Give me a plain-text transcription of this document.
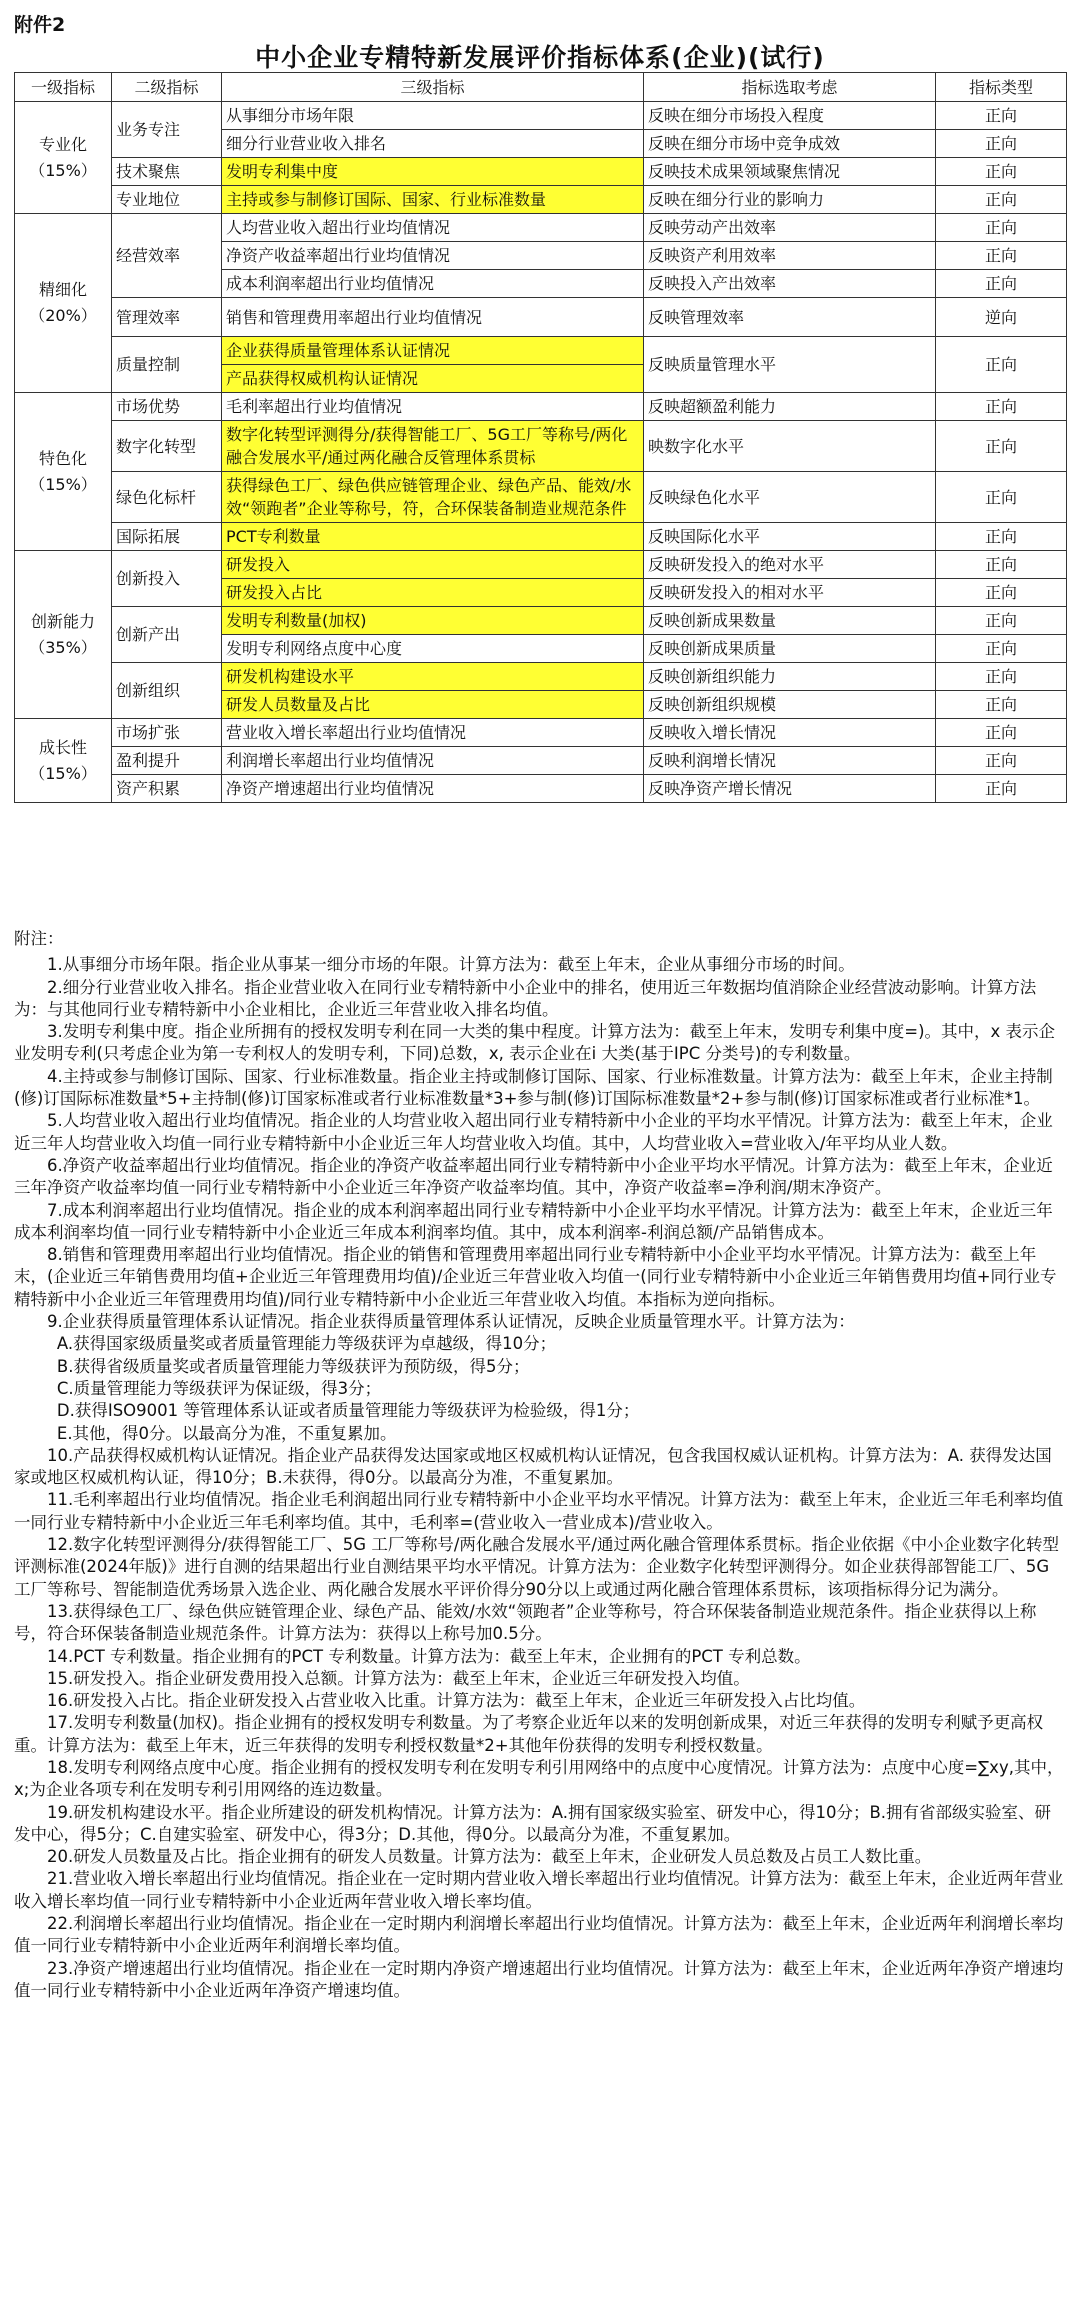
附件2
中小企业专精特新发展评价指标体系(企业)(试行)
一级指标	二级指标	三级指标	指标选取考虑	指标类型
专业化
（15%）	业务专注	从事细分市场年限	反映在细分市场投入程度	正向
		细分行业营业收入排名	反映在细分市场中竞争成效	正向
	技术聚焦	发明专利集中度	反映技术成果领域聚焦情况	正向
	专业地位	主持或参与制修订国际、国家、行业标准数量	反映在细分行业的影响力	正向
精细化
（20%）	经营效率	人均营业收入超出行业均值情况	反映劳动产出效率	正向
		净资产收益率超出行业均值情况	反映资产利用效率	正向
		成本利润率超出行业均值情况	反映投入产出效率	正向
	管理效率	销售和管理费用率超出行业均值情况	反映管理效率	逆向
	质量控制	企业获得质量管理体系认证情况	反映质量管理水平	正向
		产品获得权威机构认证情况		
特色化
（15%）	市场优势	毛利率超出行业均值情况	反映超额盈利能力	正向
	数字化转型	数字化转型评测得分/获得智能工厂、5G工厂等称号/两化融合发展水平/通过两化融合反管理体系贯标	映数字化水平	正向
	绿色化标杆	获得绿色工厂、绿色供应链管理企业、绿色产品、能效/水效“领跑者”企业等称号，符，合环保装备制造业规范条件	反映绿色化水平	正向
	国际拓展	PCT专利数量	反映国际化水平	正向
创新能力
（35%）	创新投入	研发投入	反映研发投入的绝对水平	正向
		研发投入占比	反映研发投入的相对水平	正向
	创新产出	发明专利数量(加权)	反映创新成果数量	正向
		发明专利网络点度中心度	反映创新成果质量	正向
	创新组织	研发机构建设水平	反映创新组织能力	正向
		研发人员数量及占比	反映创新组织规模	正向
成长性
（15%）	市场扩张	营业收入增长率超出行业均值情况	反映收入增长情况	正向
	盈利提升	利润增长率超出行业均值情况	反映利润增长情况	正向
	资产积累	净资产增速超出行业均值情况	反映净资产增长情况	正向

附注：

1.从事细分市场年限。指企业从事某一细分市场的年限。计算方法为：截至上年末，企业从事细分市场的时间。

2.细分行业营业收入排名。指企业营业收入在同行业专精特新中小企业中的排名，使用近三年数据均值消除企业经营波动影响。计算方法为：与其他同行业专精特新中小企业相比，企业近三年营业收入排名均值。

3.发明专利集中度。指企业所拥有的授权发明专利在同一大类的集中程度。计算方法为：截至上年末，发明专利集中度=)。其中，x 表示企业发明专利(只考虑企业为第一专利权人的发明专利，下同)总数，x, 表示企业在i 大类(基于IPC 分类号)的专利数量。

4.主持或参与制修订国际、国家、行业标准数量。指企业主持或制修订国际、国家、行业标准数量。计算方法为：截至上年末，企业主持制(修)订国际标准数量*5+主持制(修)订国家标准或者行业标准数量*3+参与制(修)订国际标准数量*2+参与制(修)订国家标准或者行业标准*1。

5.人均营业收入超出行业均值情况。指企业的人均营业收入超出同行业专精特新中小企业的平均水平情况。计算方法为：截至上年末，企业近三年人均营业收入均值一同行业专精特新中小企业近三年人均营业收入均值。其中，人均营业收入=营业收入/年平均从业人数。

6.净资产收益率超出行业均值情况。指企业的净资产收益率超出同行业专精特新中小企业平均水平情况。计算方法为：截至上年末，企业近三年净资产收益率均值一同行业专精特新中小企业近三年净资产收益率均值。其中，净资产收益率=净利润/期末净资产。

7.成本利润率超出行业均值情况。指企业的成本利润率超出同行业专精特新中小企业平均水平情况。计算方法为：截至上年末，企业近三年成本利润率均值一同行业专精特新中小企业近三年成本利润率均值。其中，成本利润率-利润总额/产品销售成本。

8.销售和管理费用率超出行业均值情况。指企业的销售和管理费用率超出同行业专精特新中小企业平均水平情况。计算方法为：截至上年末，(企业近三年销售费用均值+企业近三年管理费用均值)/企业近三年营业收入均值一(同行业专精特新中小企业近三年销售费用均值+同行业专精特新中小企业近三年管理费用均值)/同行业专精特新中小企业近三年营业收入均值。本指标为逆向指标。

9.企业获得质量管理体系认证情况。指企业获得质量管理体系认证情况，反映企业质量管理水平。计算方法为：

A.获得国家级质量奖或者质量管理能力等级获评为卓越级，得10分；

B.获得省级质量奖或者质量管理能力等级获评为预防级，得5分；

C.质量管理能力等级获评为保证级，得3分；

D.获得ISO9001 等管理体系认证或者质量管理能力等级获评为检验级，得1分；

E.其他，得0分。以最高分为准，不重复累加。

10.产品获得权威机构认证情况。指企业产品获得发达国家或地区权威机构认证情况，包含我国权威认证机构。计算方法为：A. 获得发达国家或地区权威机构认证，得10分；B.未获得，得0分。以最高分为准，不重复累加。

11.毛利率超出行业均值情况。指企业毛利润超出同行业专精特新中小企业平均水平情况。计算方法为：截至上年末，企业近三年毛利率均值一同行业专精特新中小企业近三年毛利率均值。其中，毛利率=(营业收入一营业成本)/营业收入。

12.数字化转型评测得分/获得智能工厂、5G 工厂等称号/两化融合发展水平/通过两化融合管理体系贯标。指企业依据《中小企业数字化转型评测标准(2024年版)》进行自测的结果超出行业自测结果平均水平情况。计算方法为：企业数字化转型评测得分。如企业获得部智能工厂、5G 工厂等称号、智能制造优秀场景入选企业、两化融合发展水平评价得分90分以上或通过两化融合管理体系贯标，该项指标得分记为满分。

13.获得绿色工厂、绿色供应链管理企业、绿色产品、能效/水效“领跑者”企业等称号，符合环保装备制造业规范条件。指企业获得以上称号，符合环保装备制造业规范条件。计算方法为：获得以上称号加0.5分。

14.PCT 专利数量。指企业拥有的PCT 专利数量。计算方法为：截至上年末，企业拥有的PCT 专利总数。

15.研发投入。指企业研发费用投入总额。计算方法为：截至上年末，企业近三年研发投入均值。

16.研发投入占比。指企业研发投入占营业收入比重。计算方法为：截至上年末，企业近三年研发投入占比均值。

17.发明专利数量(加权)。指企业拥有的授权发明专利数量。为了考察企业近年以来的发明创新成果，对近三年获得的发明专利赋予更高权重。计算方法为：截至上年末，近三年获得的发明专利授权数量*2+其他年份获得的发明专利授权数量。

18.发明专利网络点度中心度。指企业拥有的授权发明专利在发明专利引用网络中的点度中心度情况。计算方法为：点度中心度=∑xy,其中，x;为企业各项专利在发明专利引用网络的连边数量。

19.研发机构建设水平。指企业所建设的研发机构情况。计算方法为：A.拥有国家级实验室、研发中心，得10分；B.拥有省部级实验室、研发中心，得5分；C.自建实验室、研发中心，得3分；D.其他，得0分。以最高分为准，不重复累加。

20.研发人员数量及占比。指企业拥有的研发人员数量。计算方法为：截至上年末，企业研发人员总数及占员工人数比重。

21.营业收入增长率超出行业均值情况。指企业在一定时期内营业收入增长率超出行业均值情况。计算方法为：截至上年末，企业近两年营业收入增长率均值一同行业专精特新中小企业近两年营业收入增长率均值。

22.利润增长率超出行业均值情况。指企业在一定时期内利润增长率超出行业均值情况。计算方法为：截至上年末，企业近两年利润增长率均值一同行业专精特新中小企业近两年利润增长率均值。

23.净资产增速超出行业均值情况。指企业在一定时期内净资产增速超出行业均值情况。计算方法为：截至上年末，企业近两年净资产增速均值一同行业专精特新中小企业近两年净资产增速均值。
